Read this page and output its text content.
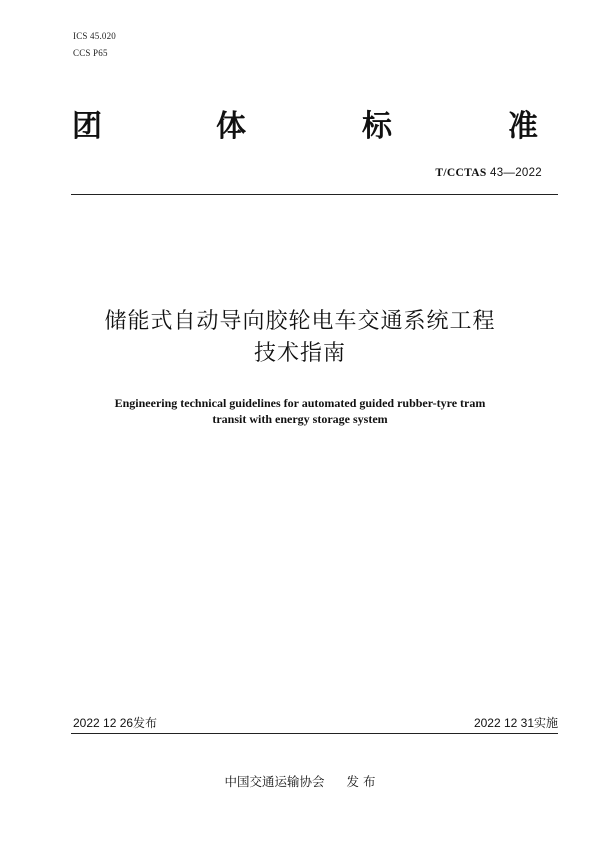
ICS 45.020
CCS P65
团	体	标	准
T/CCTAS 43—2022
储能式自动导向胶轮电车交通系统工程
技术指南
Engineering technical guidelines for automated guided rubber-tyre tram
transit with energy storage system
2022 12 26发布	2022 12 31实施
中国交通运输协会 发 布
